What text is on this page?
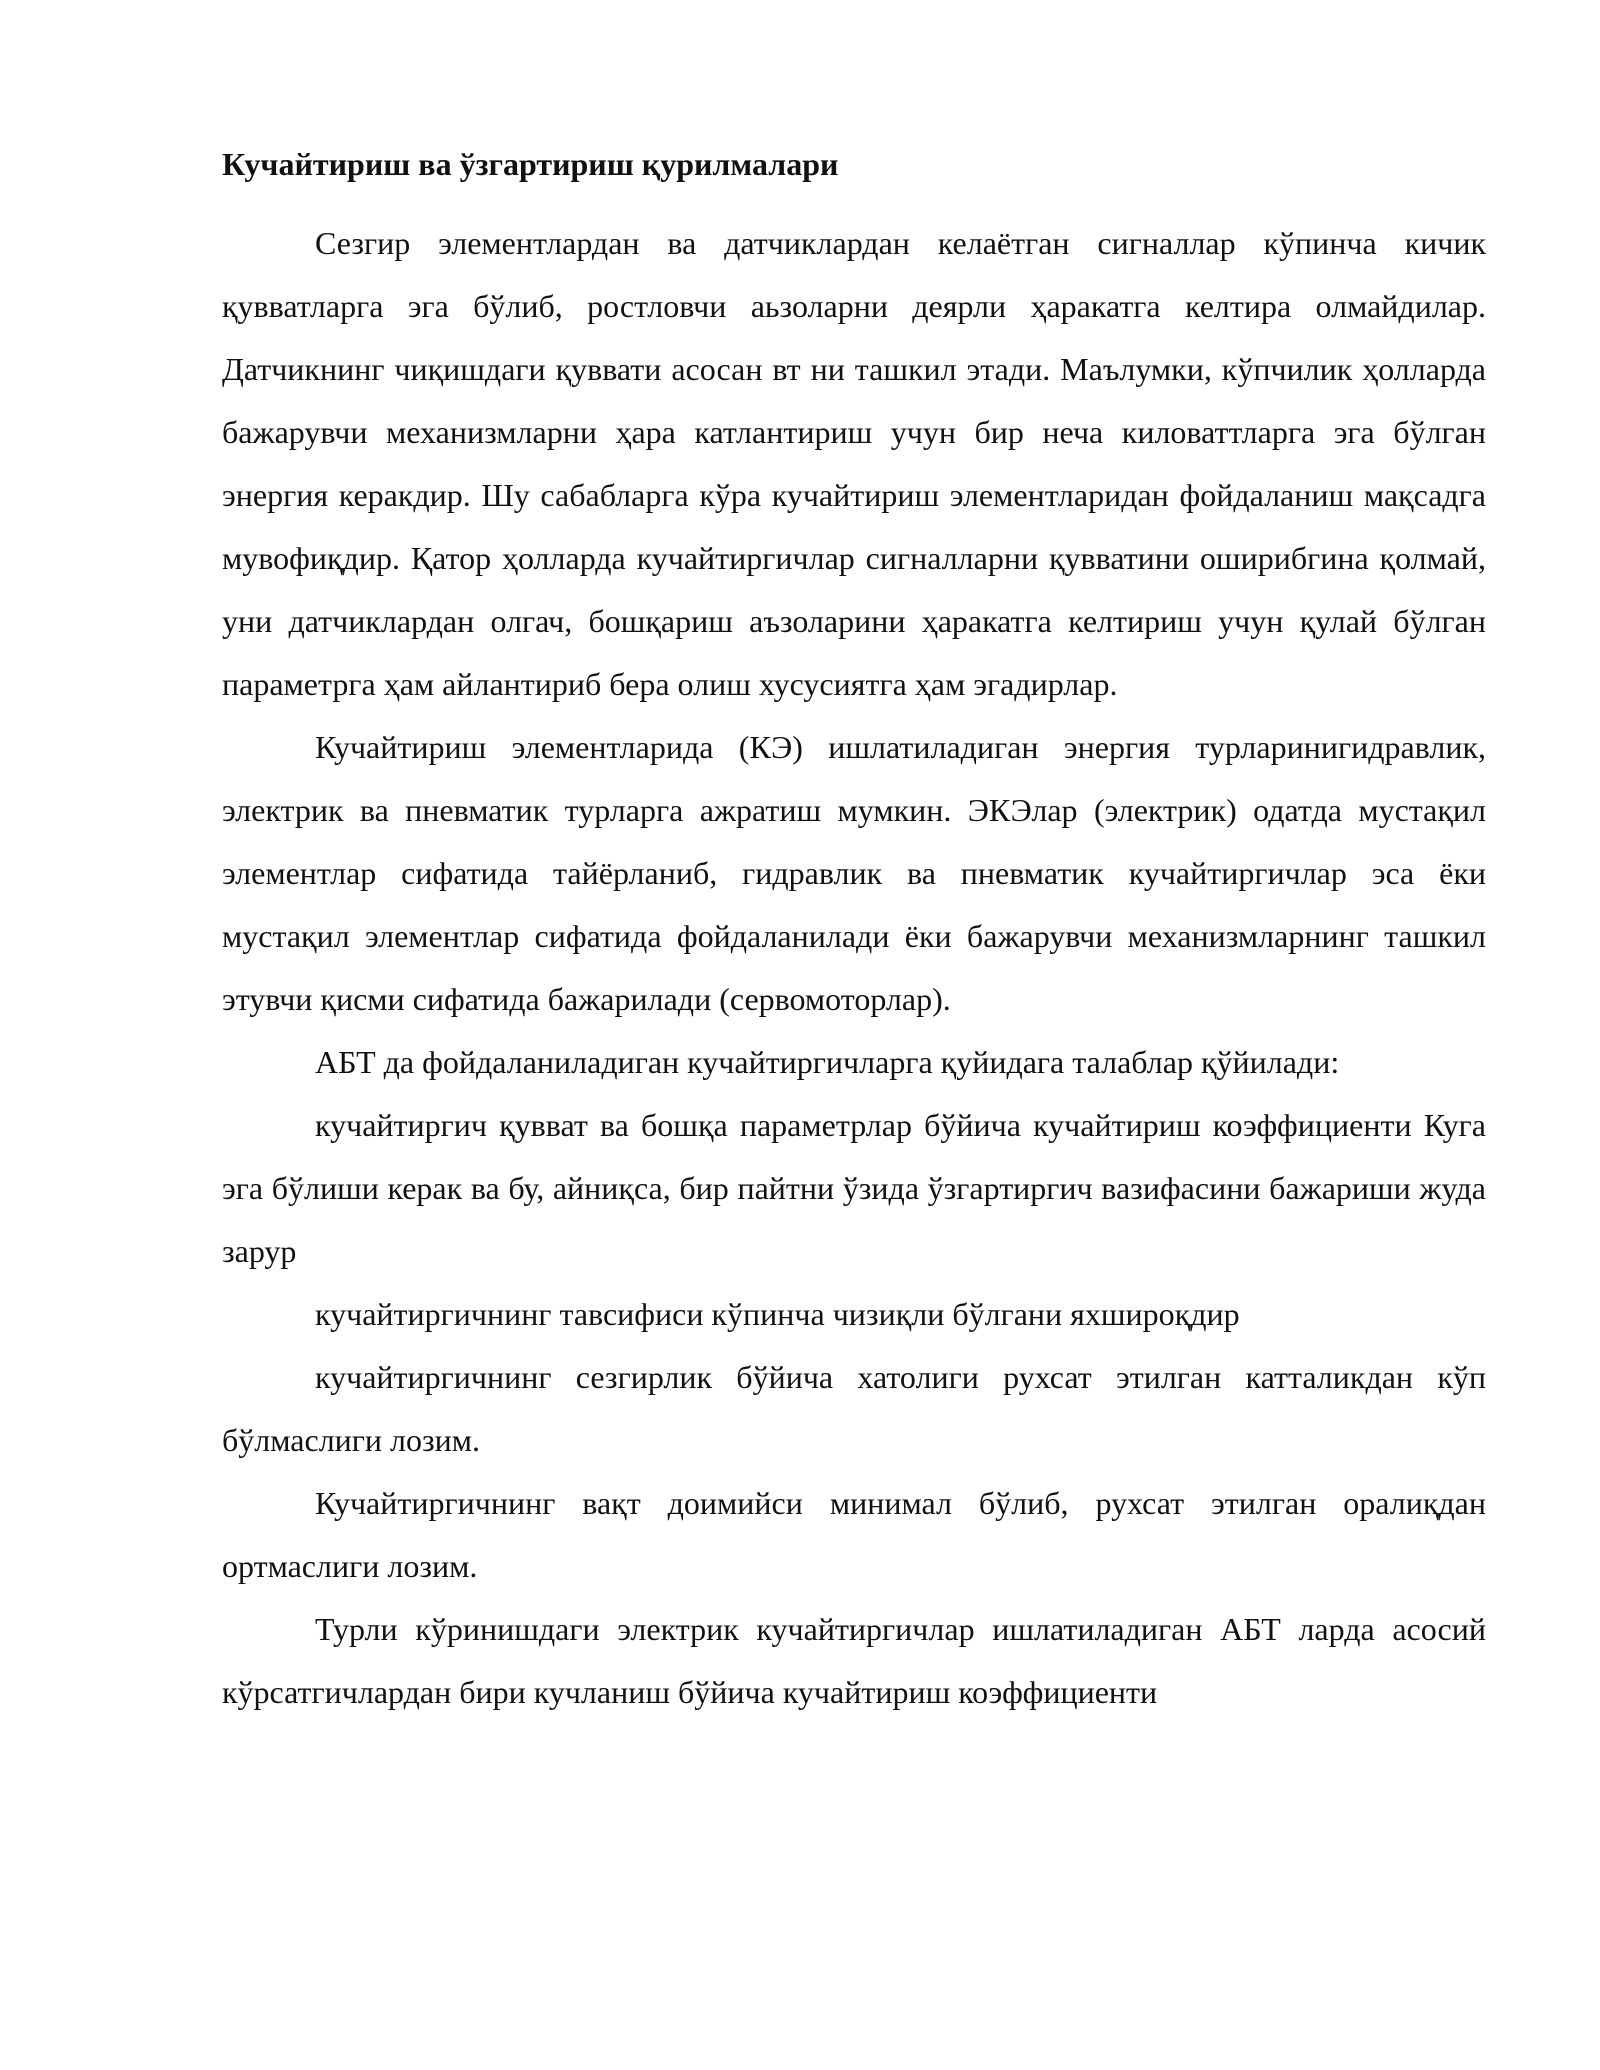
Кучайтириш ва ўзгартириш қурилмалари

Сезгир элементлардан ва датчиклардан келаётган сигналлар кўпинча кичик қувватларга эга бўлиб, ростловчи аьзоларни деярли ҳаракатга келтира олмайдилар. Датчикнинг чиқишдаги қуввати асосан вт ни ташкил этади. Маълумки, кўпчилик ҳолларда бажарувчи механизмларни ҳара катлантириш учун бир неча киловаттларга эга бўлган энергия керакдир. Шу сабабларга кўра кучайтириш элементларидан фойдаланиш мақсадга мувофиқдир. Қатор ҳолларда кучайтиргичлар сигналларни қувватини оширибгина қолмай, уни датчиклардан олгач, бошқариш аъзоларини ҳаракатга келтириш учун қулай бўлган параметрга ҳам айлантириб бера олиш хусусиятга ҳам эгадирлар.

Кучайтириш элементларида (КЭ) ишлатиладиган энергия турларинигидравлик, электрик ва пневматик турларга ажратиш мумкин. ЭКЭлар (электрик) одатда мустақил элементлар сифатида тайёрланиб, гидравлик ва пневматик кучайтиргичлар эса ёки мустақил элементлар сифатида фойдаланилади ёки бажарувчи механизмларнинг ташкил этувчи қисми сифатида бажарилади (сервомоторлар).

АБТ да фойдаланиладиган кучайтиргичларга қуйидага талаблар қўйилади:

кучайтиргич қувват ва бошқа параметрлар бўйича кучайтириш коэффициенти Куга эга бўлиши керак ва бу, айниқса, бир пайтни ўзида ўзгартиргич вазифасини бажариши жуда зарур

кучайтиргичнинг тавсифиси кўпинча чизиқли бўлгани яхшироқдир

кучайтиргичнинг сезгирлик бўйича хатолиги рухсат этилган катталикдан кўп бўлмаслиги лозим.

Кучайтиргичнинг вақт доимийси минимал бўлиб, рухсат этилган оралиқдан ортмаслиги лозим.

Турли кўринишдаги электрик кучайтиргичлар ишлатиладиган АБТ ларда асосий кўрсатгичлардан бири кучланиш бўйича кучайтириш коэффициенти
